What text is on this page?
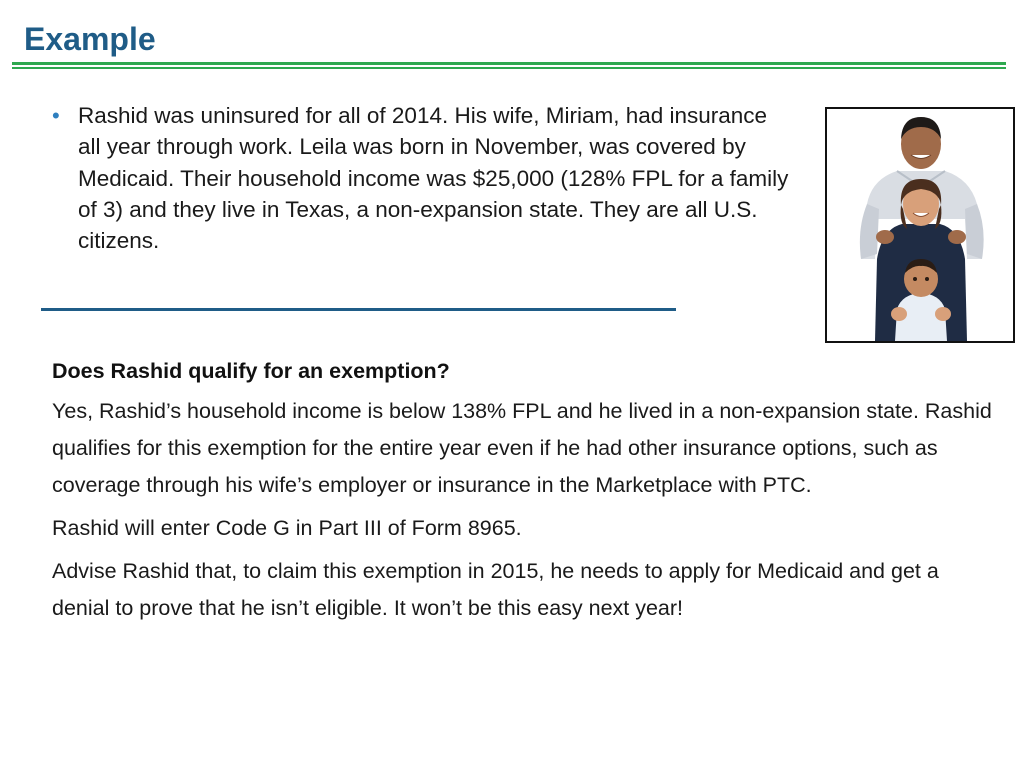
Example
• Rashid was uninsured for all of 2014. His wife, Miriam, had insurance all year through work. Leila was born in November, was covered by Medicaid. Their household income was $25,000 (128% FPL for a family of 3) and they live in Texas, a non-expansion state. They are all U.S. citizens.

Does Rashid qualify for an exemption?

Yes, Rashid’s household income is below 138% FPL and he lived in a non-expansion state. Rashid qualifies for this exemption for the entire year even if he had other insurance options, such as coverage through his wife’s employer or insurance in the Marketplace with PTC.

Rashid will enter Code G in Part III of Form 8965.

Advise Rashid that, to claim this exemption in 2015, he needs to apply for Medicaid and get a denial to prove that he isn’t eligible. It won’t be this easy next year!
